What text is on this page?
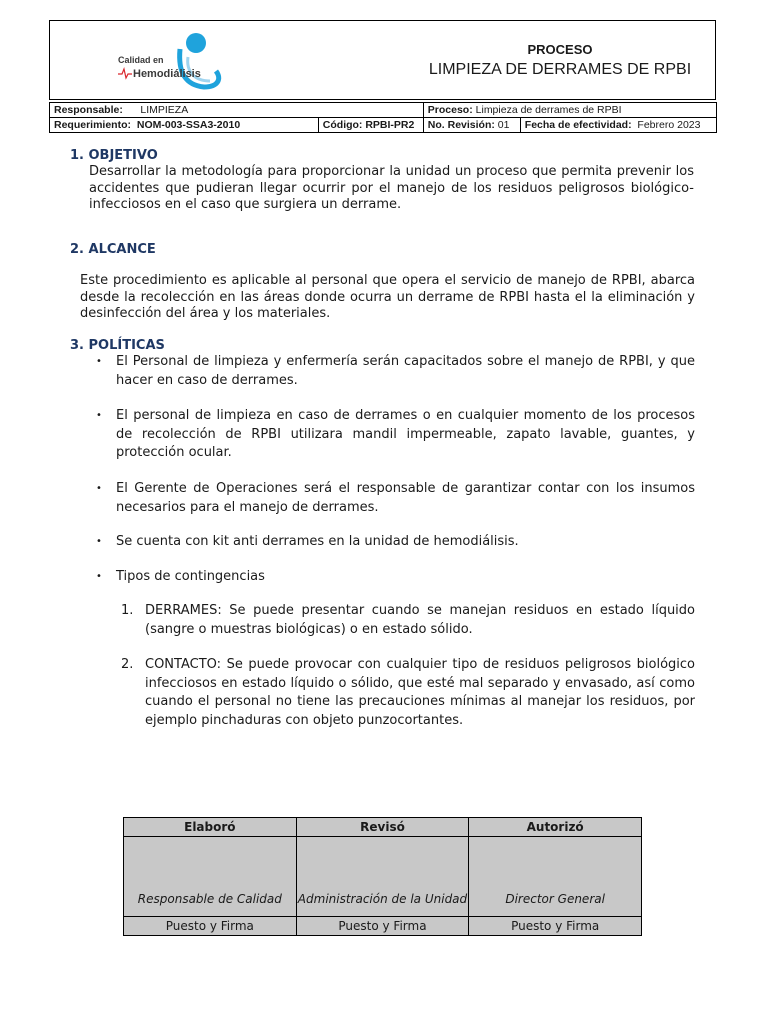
Calidad en
Hemodiálisis
PROCESO
LIMPIEZA DE DERRAMES DE RPBI
Responsable: LIMPIEZA		Proceso: Limpieza de derrames de RPBI	
Requerimiento: NOM-003-SSA3-2010	Código: RPBI-PR2	No. Revisión: 01	Fecha de efectividad: Febrero 2023
1. OBJETIVO
Desarrollar la metodología para proporcionar la unidad un proceso que permita prevenir los accidentes que pudieran llegar ocurrir por el manejo de los residuos peligrosos biológico- infecciosos en el caso que surgiera un derrame.
2. ALCANCE
Este procedimiento es aplicable al personal que opera el servicio de manejo de RPBI, abarca desde la recolección en las áreas donde ocurra un derrame de RPBI hasta el la eliminación y desinfección del área y los materiales.
3. POLÍTICAS
• El Personal de limpieza y enfermería serán capacitados sobre el manejo de RPBI, y que hacer en caso de derrames.
• El personal de limpieza en caso de derrames o en cualquier momento de los procesos de recolección de RPBI utilizara mandil impermeable, zapato lavable, guantes, y protección ocular.
• El Gerente de Operaciones será el responsable de garantizar contar con los insumos necesarios para el manejo de derrames.
• Se cuenta con kit anti derrames en la unidad de hemodiálisis.
• Tipos de contingencias
1. DERRAMES: Se puede presentar cuando se manejan residuos en estado líquido (sangre o muestras biológicas) o en estado sólido.
2. CONTACTO: Se puede provocar con cualquier tipo de residuos peligrosos biológico infecciosos en estado líquido o sólido, que esté mal separado y envasado, así como cuando el personal no tiene las precauciones mínimas al manejar los residuos, por ejemplo pinchaduras con objeto punzocortantes.
Elaboró	Revisó	Autorizó
Responsable de Calidad	Administración de la Unidad	Director General
Puesto y Firma	Puesto y Firma	Puesto y Firma
